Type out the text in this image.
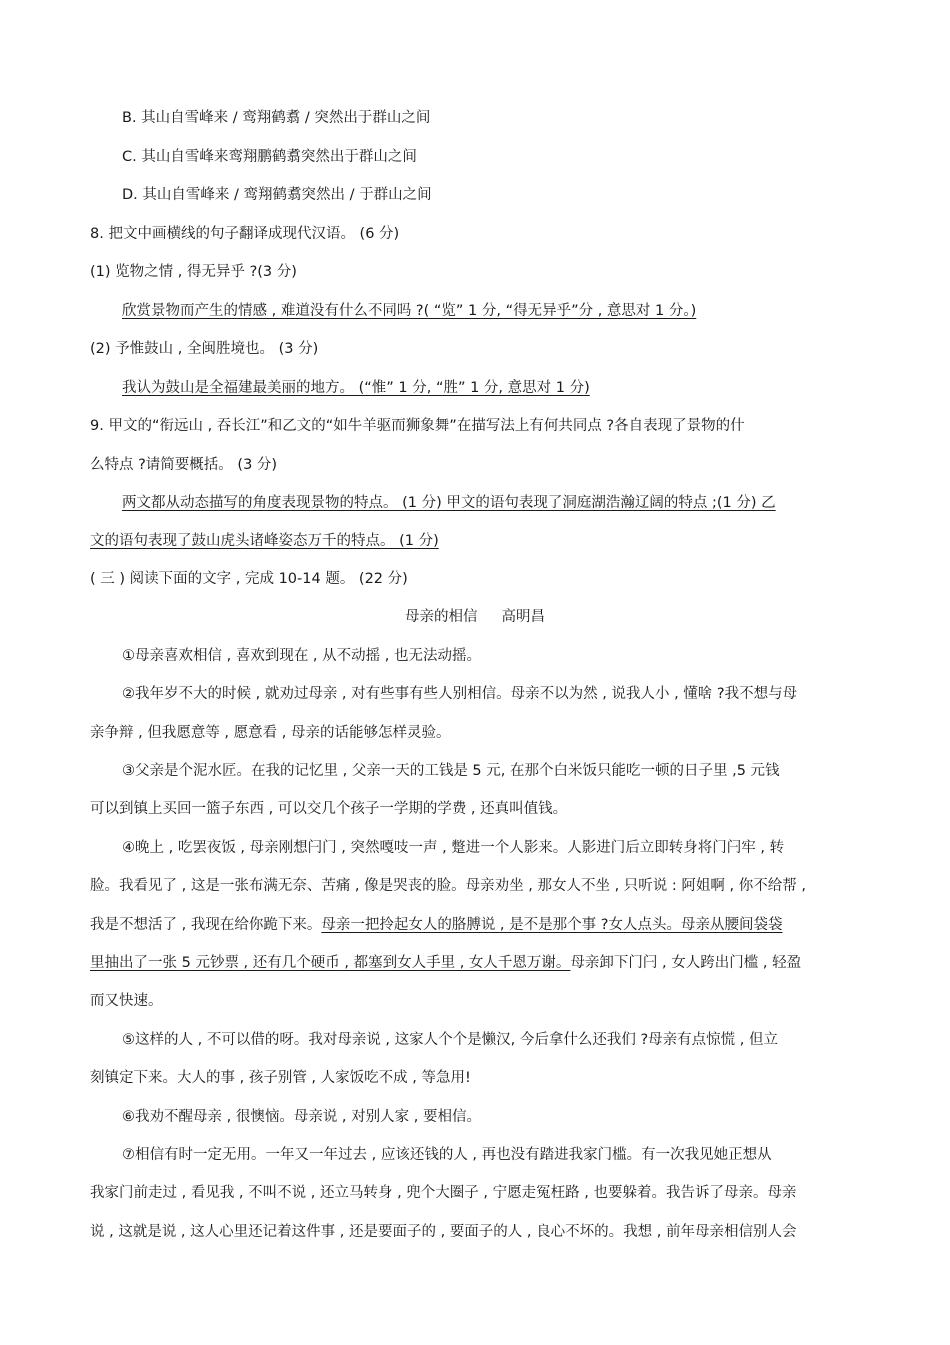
B. 其山自雪峰来 / 鸾翔鹤翥 / 突然出于群山之间
C. 其山自雪峰来鸾翔鹏鹤翥突然出于群山之间
D. 其山自雪峰来 / 鸾翔鹤翥突然出 / 于群山之间
8. 把文中画横线的句子翻译成现代汉语。 (6 分)
(1) 览物之情 , 得无异乎 ?(3 分)
欣赏景物而产生的情感 , 难道没有什么不同吗 ?( “览” 1 分, “得无异乎”分 , 意思对 1 分。)
(2) 予惟鼓山 , 全闽胜境也。 (3 分)
我认为鼓山是全福建最美丽的地方。 (“惟” 1 分, “胜” 1 分, 意思对 1 分)
9. 甲文的“衔远山 , 吞长江”和乙文的“如牛羊驱而狮象舞”在描写法上有何共同点 ?各自表现了景物的什
么特点 ?请简要概括。 (3 分)
两文都从动态描写的角度表现景物的特点。 (1 分) 甲文的语句表现了洞庭湖浩瀚辽阔的特点 ;(1 分) 乙
文的语句表现了鼓山虎头诸峰姿态万千的特点。 (1 分)
( 三 ) 阅读下面的文字 , 完成 10-14 题。 (22 分)
母亲的相信 高明昌
①母亲喜欢相信 , 喜欢到现在 , 从不动摇 , 也无法动摇。
②我年岁不大的时候 , 就劝过母亲 , 对有些事有些人别相信。母亲不以为然 , 说我人小 , 懂啥 ?我不想与母
亲争辩 , 但我愿意等 , 愿意看 , 母亲的话能够怎样灵验。
③父亲是个泥水匠。在我的记忆里 , 父亲一天的工钱是 5 元, 在那个白米饭只能吃一顿的日子里 ,5 元钱
可以到镇上买回一篮子东西 , 可以交几个孩子一学期的学费 , 还真叫值钱。
④晚上 , 吃罢夜饭 , 母亲刚想闩门 , 突然嘎吱一声 , 蹩进一个人影来。人影进门后立即转身将门闩牢 , 转
脸。我看见了 , 这是一张布满无奈、苦痛 , 像是哭丧的脸。母亲劝坐 , 那女人不坐 , 只听说 : 阿姐啊 , 你不给帮 ,
我是不想活了 , 我现在给你跪下来。母亲一把拎起女人的胳膊说 , 是不是那个事 ?女人点头。母亲从腰间袋袋
里抽出了一张 5 元钞票 , 还有几个硬币 , 都塞到女人手里 , 女人千恩万谢。母亲卸下门闩 , 女人跨出门槛 , 轻盈
而又快速。
⑤这样的人 , 不可以借的呀。我对母亲说 , 这家人个个是懒汉, 今后拿什么还我们 ?母亲有点惊慌 , 但立
刻镇定下来。大人的事 , 孩子别管 , 人家饭吃不成 , 等急用!
⑥我劝不醒母亲 , 很懊恼。母亲说 , 对别人家 , 要相信。
⑦相信有时一定无用。一年又一年过去 , 应该还钱的人 , 再也没有踏进我家门槛。有一次我见她正想从
我家门前走过 , 看见我 , 不叫不说 , 还立马转身 , 兜个大圈子 , 宁愿走冤枉路 , 也要躲着。我告诉了母亲。母亲
说 , 这就是说 , 这人心里还记着这件事 , 还是要面子的 , 要面子的人 , 良心不坏的。我想 , 前年母亲相信别人会
